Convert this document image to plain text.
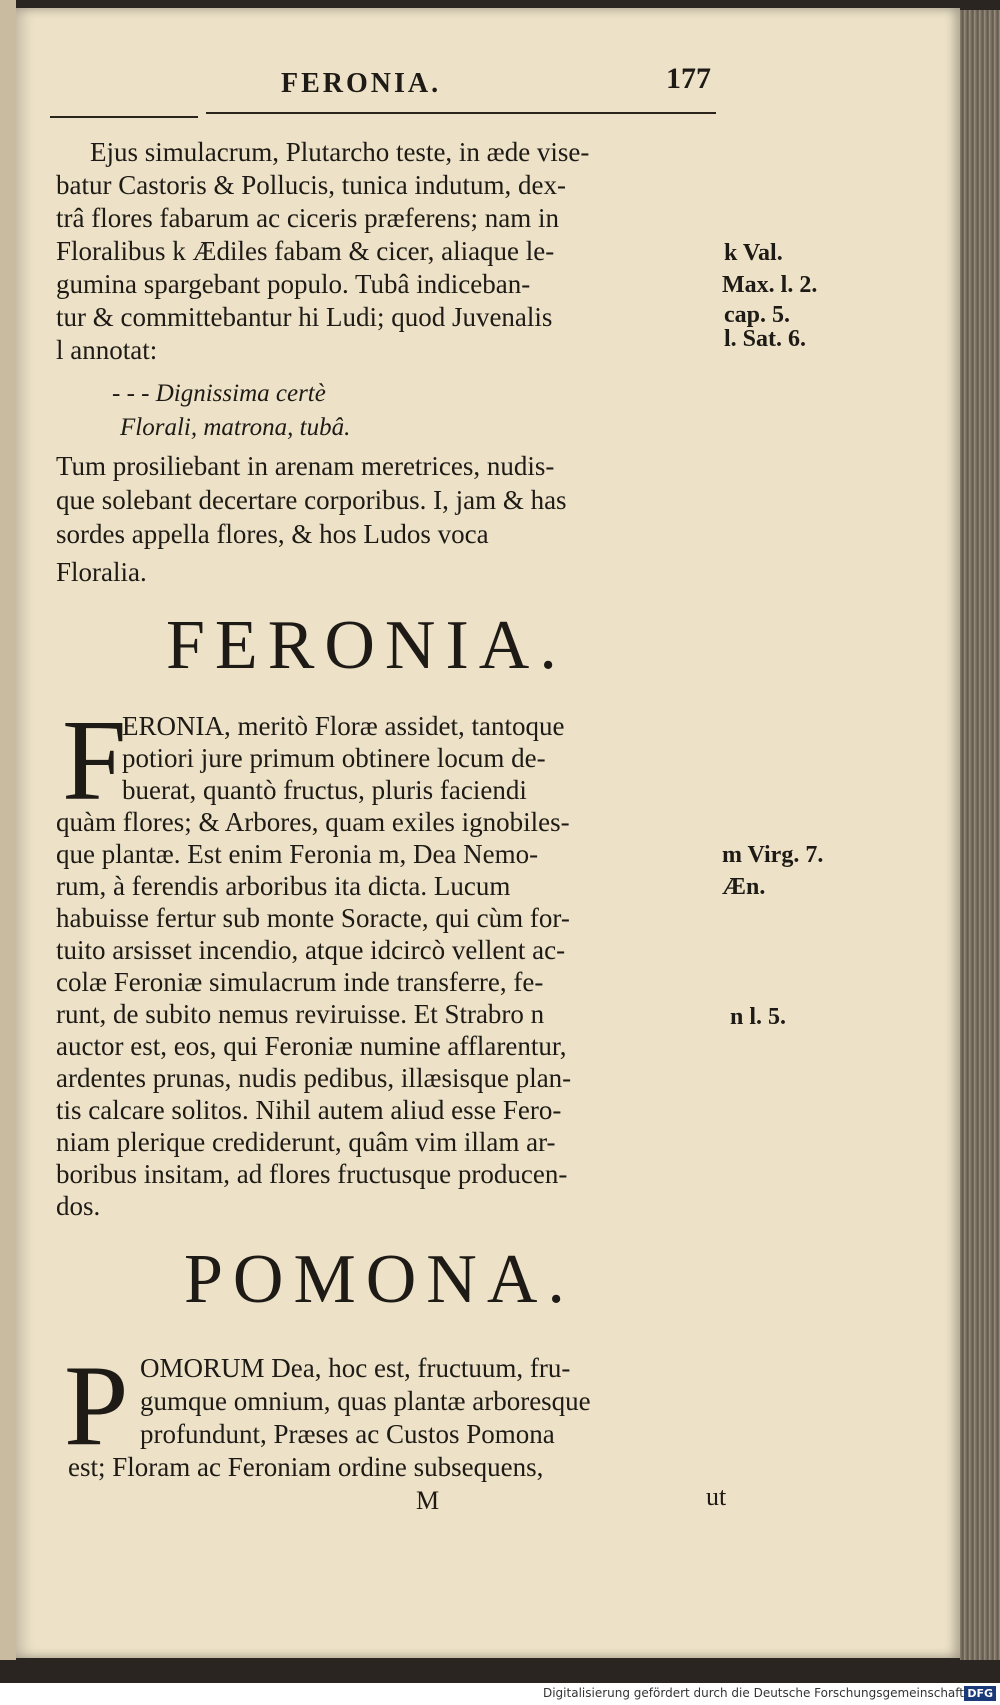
FERONIA.	177
Ejus simulacrum, Plutarcho teste, in æde vise-
batur Castoris & Pollucis, tunica indutum, dex-
trâ flores fabarum ac ciceris præferens; nam in
Floralibus k Ædiles fabam & cicer, aliaque le-
gumina spargebant populo. Tubâ indiceban-
tur & committebantur hi Ludi; quod Juvenalis
l annotat:
- - - Dignissima certè
Florali, matrona, tubâ.
Tum prosiliebant in arenam meretrices, nudis-
que solebant decertare corporibus. I, jam & has
sordes appella flores, & hos Ludos voca
Floralia.
FERONIA.
F
ERONIA, meritò Floræ assidet, tantoque
potiori jure primum obtinere locum de-
buerat, quantò fructus, pluris faciendi
quàm flores; & Arbores, quam exiles ignobiles-
que plantæ. Est enim Feronia m, Dea Nemo-
rum, à ferendis arboribus ita dicta. Lucum
habuisse fertur sub monte Soracte, qui cùm for-
tuito arsisset incendio, atque idcircò vellent ac-
colæ Feroniæ simulacrum inde transferre, fe-
runt, de subito nemus reviruisse. Et Strabro n
auctor est, eos, qui Feroniæ numine afflarentur,
ardentes prunas, nudis pedibus, illæsisque plan-
tis calcare solitos. Nihil autem aliud esse Fero-
niam plerique crediderunt, quâm vim illam ar-
boribus insitam, ad flores fructusque producen-
dos.
POMONA.
P OMORUM Dea, hoc est, fructuum, fru-
gumque omnium, quas plantæ arboresque
profundunt, Præses ac Custos Pomona
est; Floram ac Feroniam ordine subsequens,
M	ut
k Val.
Max. l. 2.
cap. 5.
l. Sat. 6.
m Virg. 7.
Æn.
n l. 5.
Digitalisierung gefördert durch die Deutsche Forschungsgemeinschaft DFG
